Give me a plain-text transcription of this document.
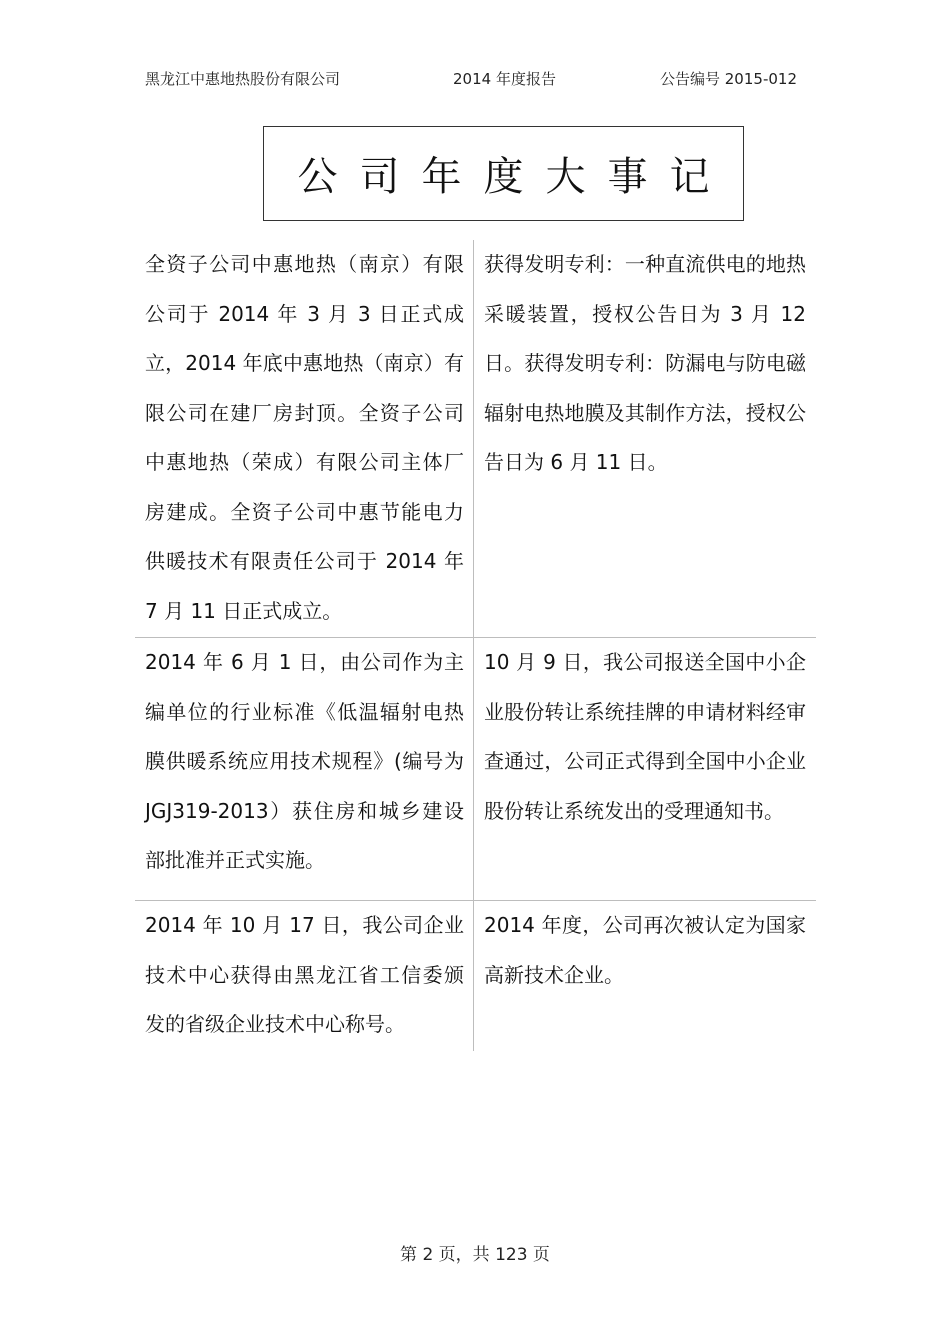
黑龙江中惠地热股份有限公司	2014 年度报告	公告编号 2015-012
公司年度大事记
全资子公司中惠地热（南京）有限公司于 2014 年 3 月 3 日正式成立，2014 年底中惠地热（南京）有限公司在建厂房封顶。全资子公司中惠地热（荣成）有限公司主体厂房建成。全资子公司中惠节能电力供暖技术有限责任公司于 2014 年 7 月 11 日正式成立。
获得发明专利：一种直流供电的地热采暖装置，授权公告日为 3 月 12 日。获得发明专利：防漏电与防电磁辐射电热地膜及其制作方法，授权公告日为 6 月 11 日。
2014 年 6 月 1 日，由公司作为主编单位的行业标准《低温辐射电热膜供暖系统应用技术规程》(编号为 JGJ319-2013）获住房和城乡建设部批准并正式实施。
10 月 9 日，我公司报送全国中小企业股份转让系统挂牌的申请材料经审查通过，公司正式得到全国中小企业股份转让系统发出的受理通知书。
2014 年 10 月 17 日，我公司企业技术中心获得由黑龙江省工信委颁发的省级企业技术中心称号。
2014 年度，公司再次被认定为国家高新技术企业。
第 2 页，共 123 页
